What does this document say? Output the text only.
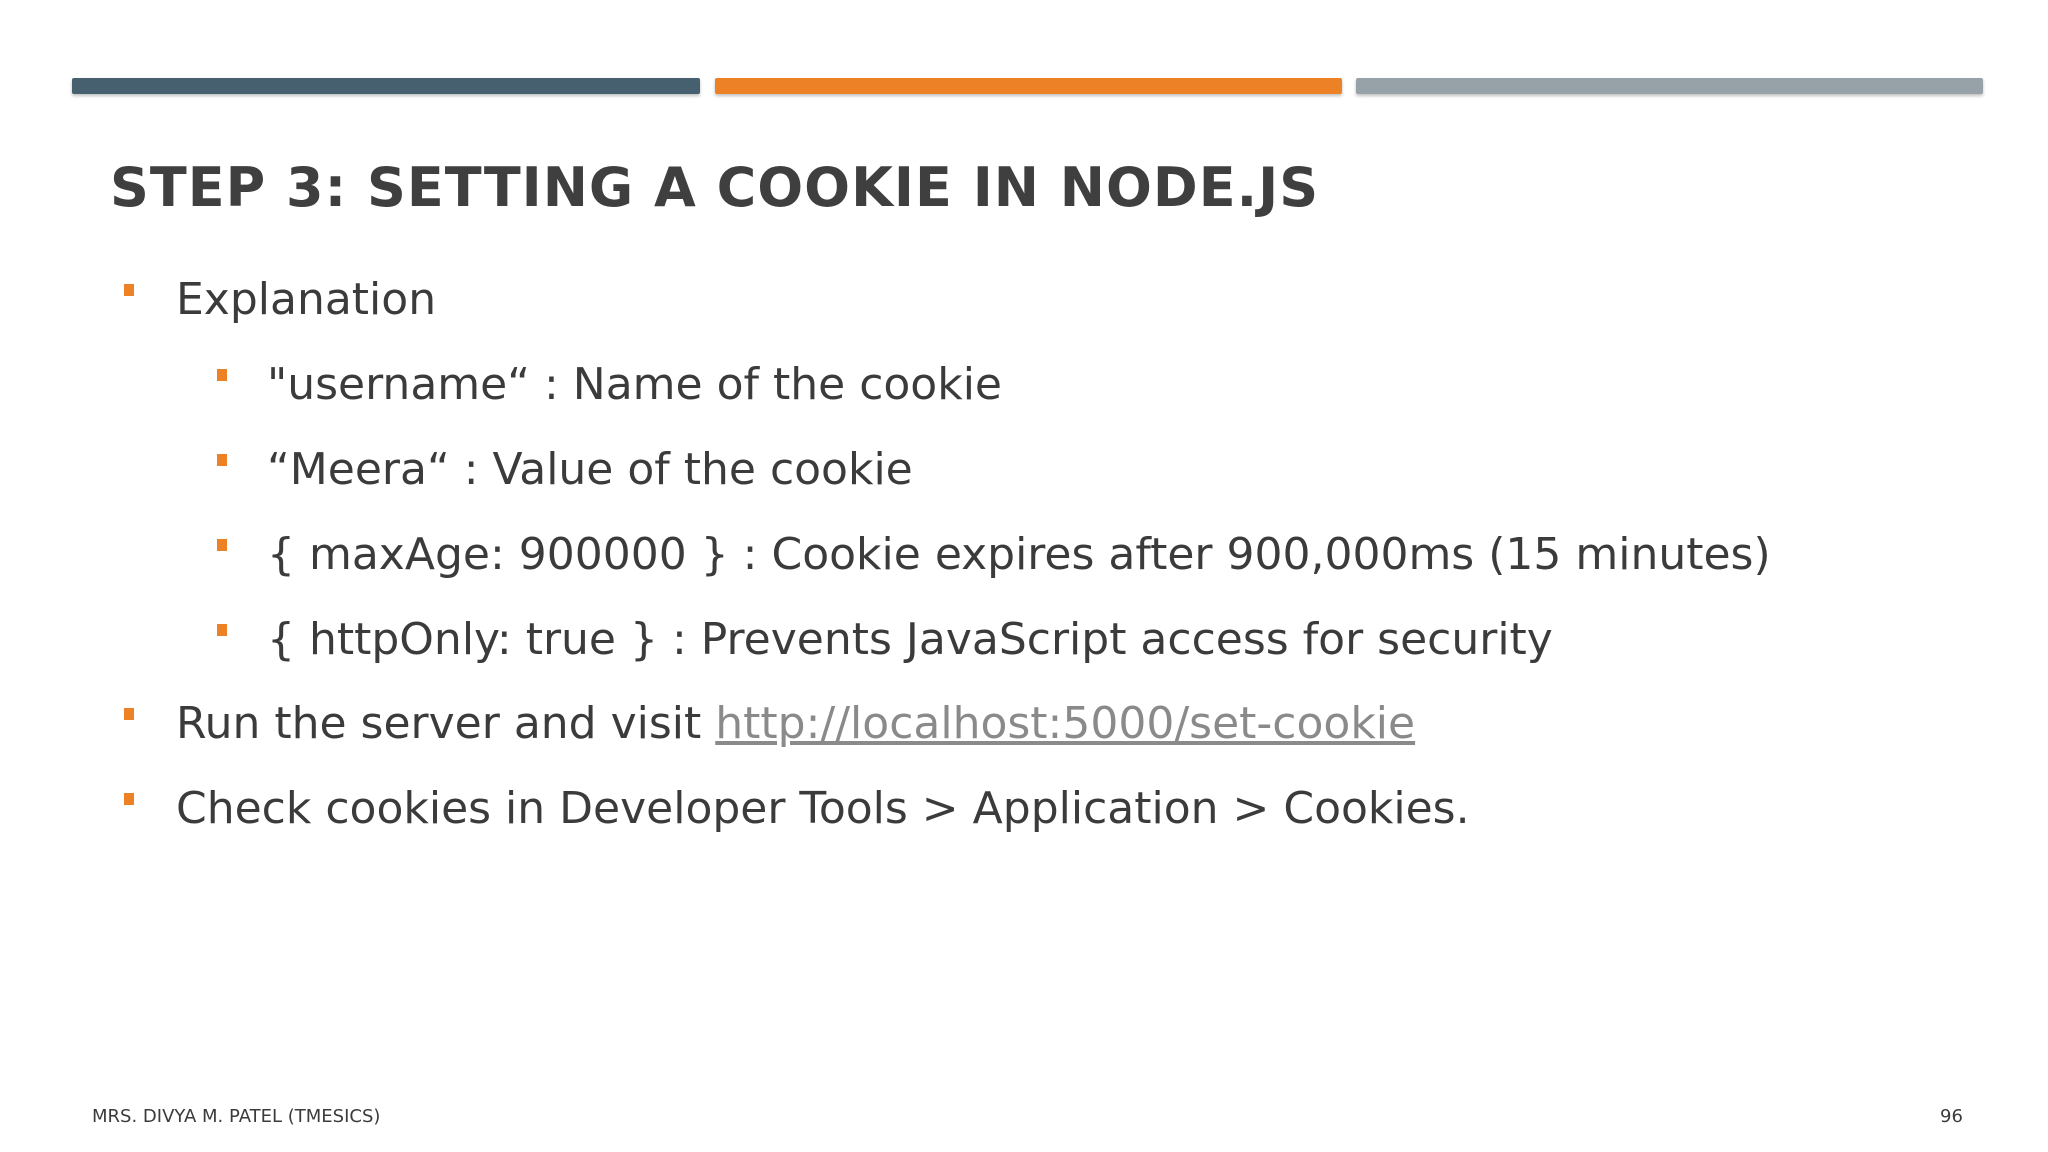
STEP 3: SETTING A COOKIE IN NODE.JS
Explanation
"username“ : Name of the cookie
“Meera“ : Value of the cookie
{ maxAge: 900000 } : Cookie expires after 900,000ms (15 minutes)
{ httpOnly: true } : Prevents JavaScript access for security
Run the server and visit http://localhost:5000/set-cookie
Check cookies in Developer Tools > Application > Cookies.
MRS. DIVYA M. PATEL (TMESICS)	96
